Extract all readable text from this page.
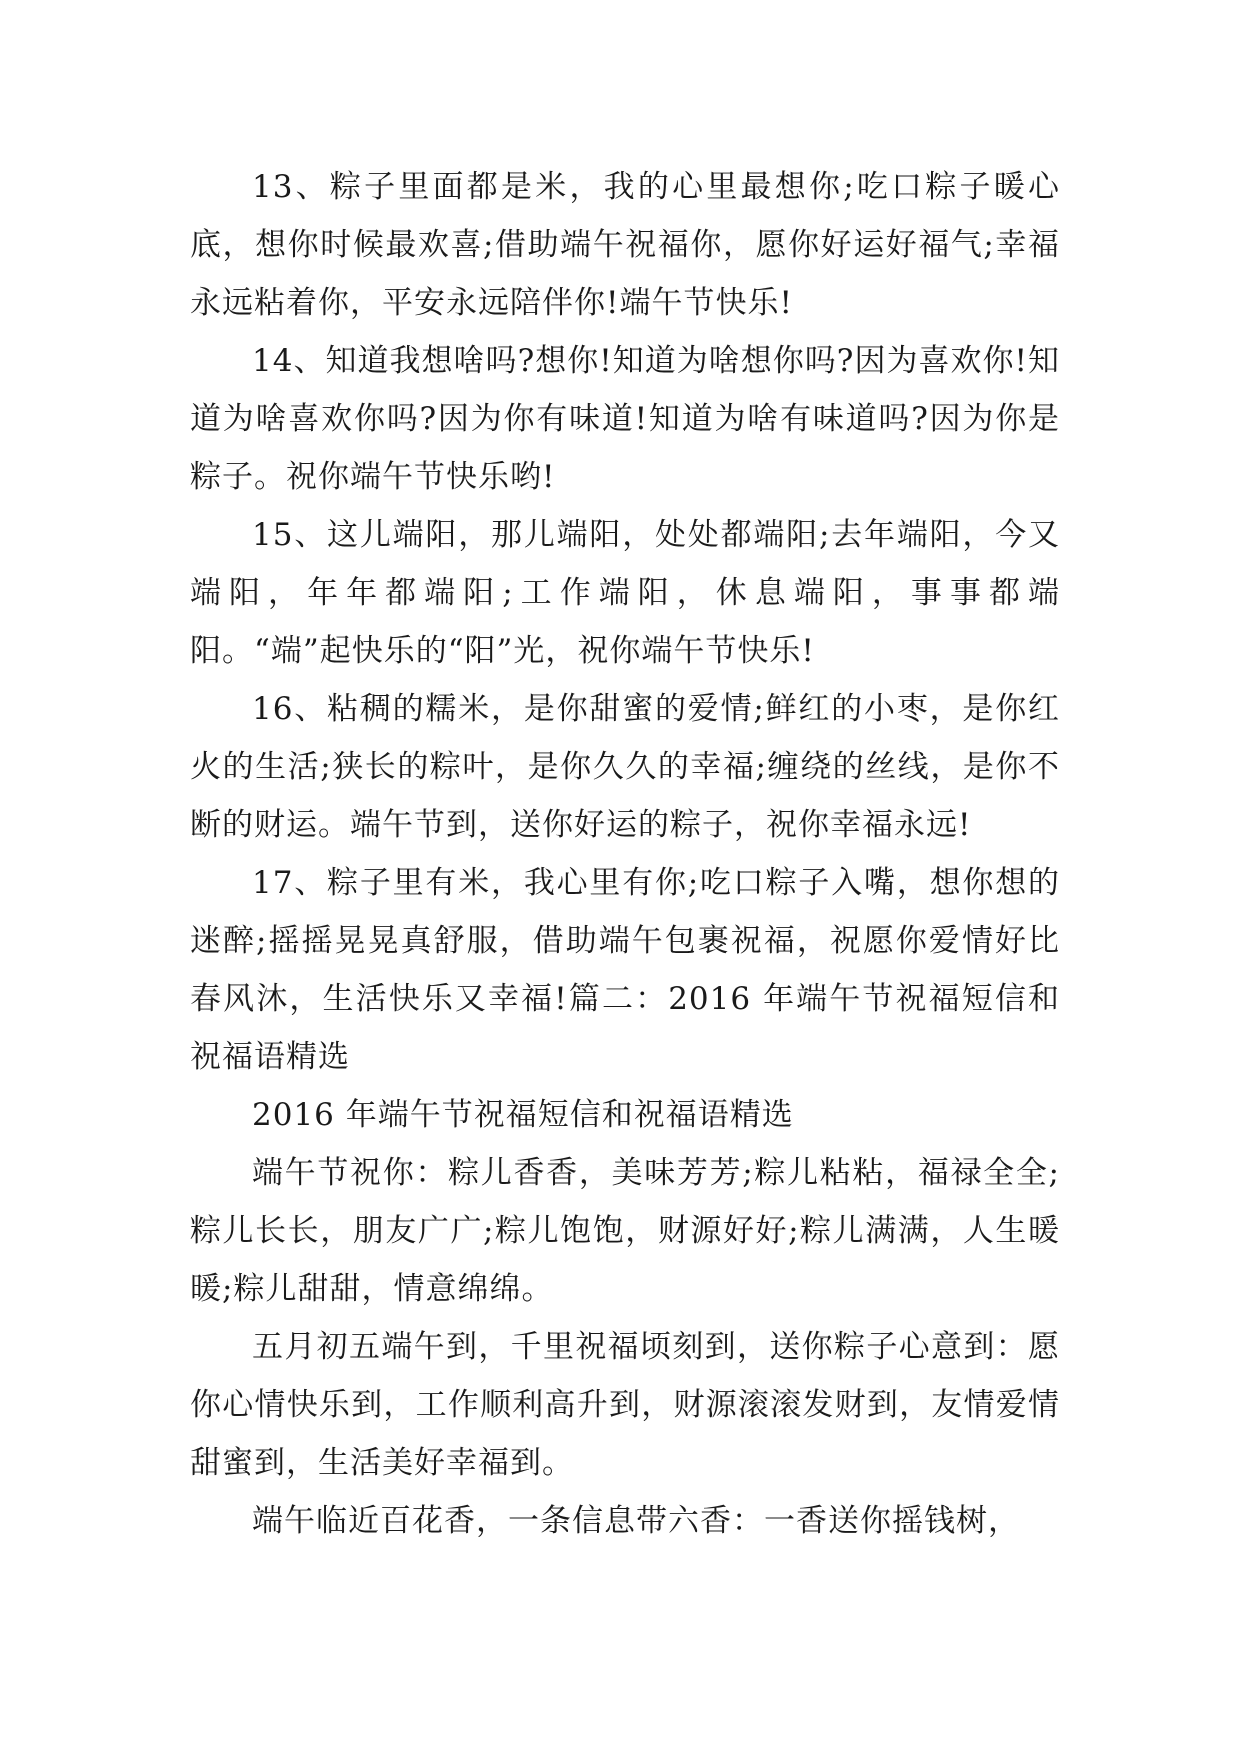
13、粽子里面都是米，我的心里最想你;吃口粽子暖心底，想你时候最欢喜;借助端午祝福你，愿你好运好福气;幸福永远粘着你，平安永远陪伴你!端午节快乐!

14、知道我想啥吗?想你!知道为啥想你吗?因为喜欢你!知道为啥喜欢你吗?因为你有味道!知道为啥有味道吗?因为你是粽子。祝你端午节快乐哟!

15、这儿端阳，那儿端阳，处处都端阳;去年端阳，今又端阳，年年都端阳;工作端阳，休息端阳，事事都端阳。“端”起快乐的“阳”光，祝你端午节快乐!

16、粘稠的糯米，是你甜蜜的爱情;鲜红的小枣，是你红火的生活;狭长的粽叶，是你久久的幸福;缠绕的丝线，是你不断的财运。端午节到，送你好运的粽子，祝你幸福永远!

17、粽子里有米，我心里有你;吃口粽子入嘴，想你想的迷醉;摇摇晃晃真舒服，借助端午包裹祝福，祝愿你爱情好比春风沐，生活快乐又幸福!篇二：2016 年端午节祝福短信和祝福语精选

2016 年端午节祝福短信和祝福语精选

端午节祝你：粽儿香香，美味芳芳;粽儿粘粘，福禄全全;粽儿长长，朋友广广;粽儿饱饱，财源好好;粽儿满满，人生暖暖;粽儿甜甜，情意绵绵。

五月初五端午到，千里祝福顷刻到，送你粽子心意到：愿你心情快乐到，工作顺利高升到，财源滚滚发财到，友情爱情甜蜜到，生活美好幸福到。

端午临近百花香，一条信息带六香：一香送你摇钱树，
